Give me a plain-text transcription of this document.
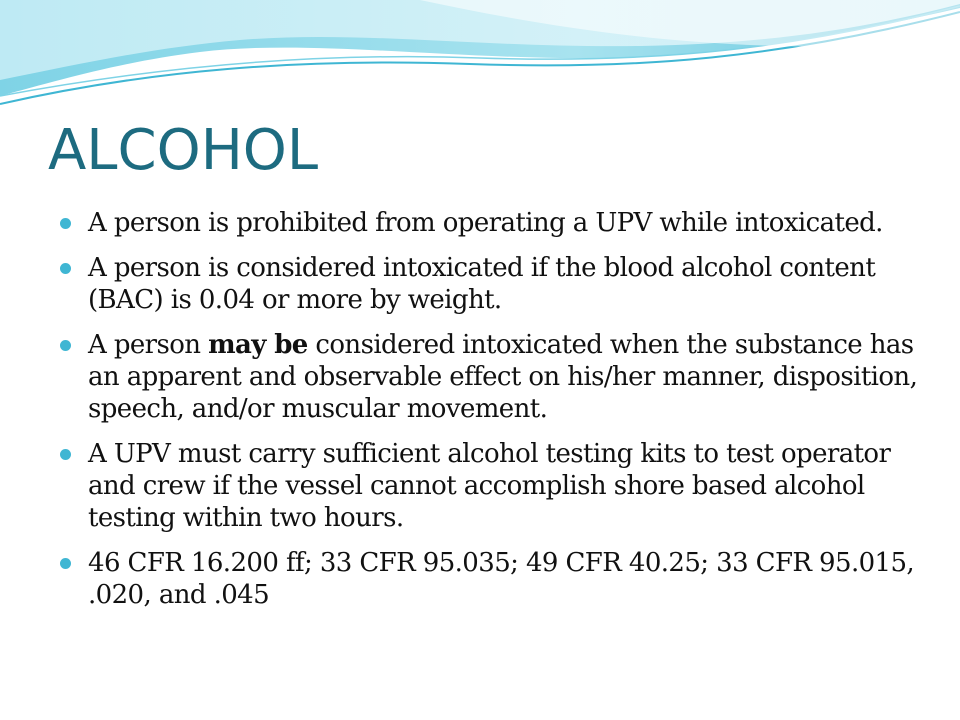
ALCOHOL
A person is prohibited from operating a UPV while intoxicated.
A person is considered intoxicated if the blood alcohol content (BAC) is 0.04 or more by weight.
A person may be considered intoxicated when the substance has an apparent and observable effect on his/her manner, disposition, speech, and/or muscular movement.
A UPV must carry sufficient alcohol testing kits to test operator and crew if the vessel cannot accomplish shore based alcohol testing within two hours.
46 CFR 16.200 ff; 33 CFR 95.035; 49 CFR 40.25; 33 CFR 95.015, .020, and .045
